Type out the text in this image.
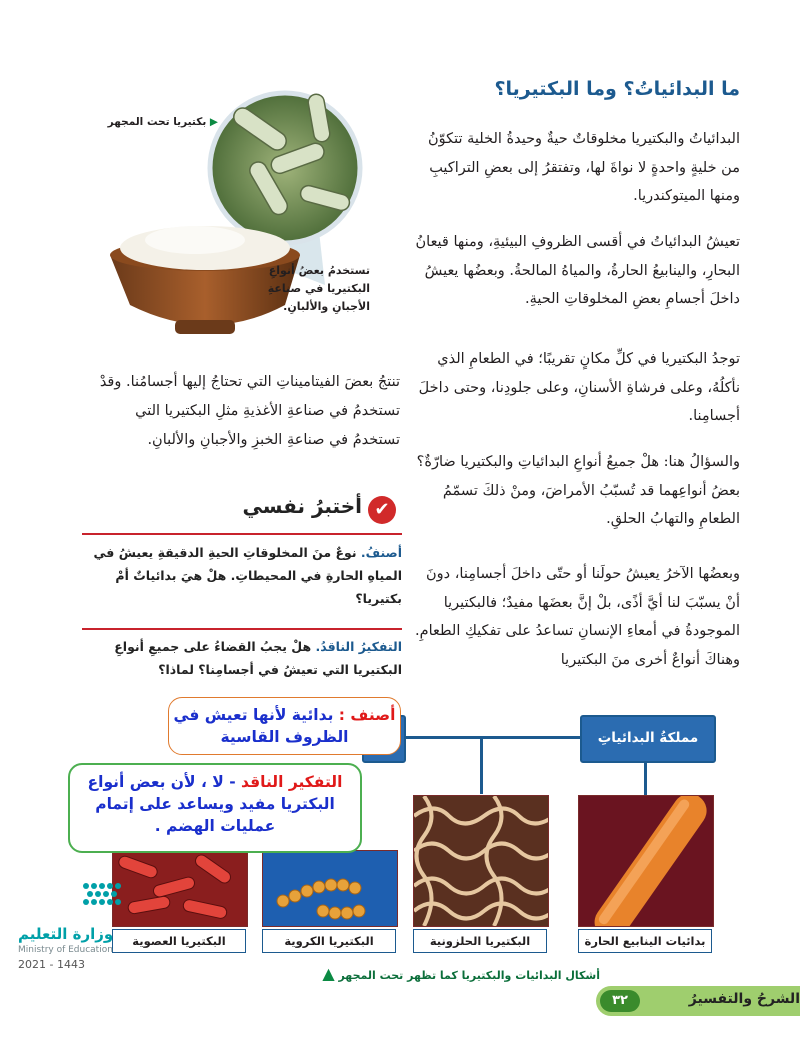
ما البدائياتُ؟ وما البكتيريا؟
البدائياتُ والبكتيريا مخلوقاتٌ حيةٌ وحيدةُ الخلية تتكوّنُ من خليةٍ واحدةٍ لا نواةَ لها، وتفتقرُ إلى بعضِ التراكيبِ ومنها الميتوكندريا.
تعيشُ البدائياتُ في أقسى الظروفِ البيئيةِ، ومنها قيعانُ البحارِ، والينابيعُ الحارةُ، والمياهُ المالحةُ. وبعضُها يعيشُ داخلَ أجسامِ بعضِ المخلوقاتِ الحيةِ.
توجدُ البكتيريا في كلِّ مكانٍ تقريبًا؛ في الطعامِ الذي نأكلُهُ، وعلى فرشاةِ الأسنانِ، وعلى جلودِنا، وحتى داخلَ أجسامِنا.
والسؤالُ هنا: هلْ جميعُ أنواعِ البدائياتِ والبكتيريا ضارّةٌ؟ بعضُ أنواعِهما قد تُسبّبُ الأمراضَ، ومنْ ذلكَ تسمّمُ الطعامِ والتهابُ الحلقِ.
وبعضُها الآخرُ يعيشُ حولَنا أو حتّى داخلَ أجسامِنا، دونَ أنْ يسبّبَ لنا أيَّ أذًى، بلْ إنَّ بعضَها مفيدٌ؛ فالبكتيريا الموجودةُ في أمعاءِ الإنسانِ تساعدُ على تفكيكِ الطعامِ. وهناكَ أنواعٌ أخرى منَ البكتيريا
▶ بكتيريا تحت المجهر
تستخدمُ بعضُ أنواعِ البكتيريا في صناعةِ الأجبانِ والألبانِ.
تنتجُ بعضَ الفيتاميناتِ التي تحتاجُ إليها أجسامُنا. وقدْ تستخدمُ في صناعةِ الأغذيةِ مثلِ البكتيريا التي تستخدمُ في صناعةِ الخبزِ والأجبانِ والألبانِ.
✔
أختبرُ نفسي
أصنفُ. نوعٌ منَ المخلوقاتِ الحيةِ الدقيقةِ يعيشُ في المياهِ الحارةِ في المحيطاتِ. هلْ هيَ بدائياتٌ أمْ بكتيريا؟
التفكيرُ الناقدُ. هلْ يجبُ القضاءُ على جميعِ أنواعِ البكتيريا التي تعيشُ في أجسامِنا؟ لماذا؟
مملكةُ البدائياتِ
بدائيات الينابيع الحارة
البكتيريا الحلزونية
البكتيريا الكروية
البكتيريا العصوية
أشكال البدائيات والبكتيريا كما تظهر تحت المجهر ▲
أصنف : بدائية لأنها تعيش في الظروف القاسية
التفكير الناقد - لا ، لأن بعض أنواع البكتريا مفيد ويساعد على إتمام عمليات الهضم .
وزارة التعليم
Ministry of Education
2021 - 1443
الشرحُ والتفسيرُ
٣٢
